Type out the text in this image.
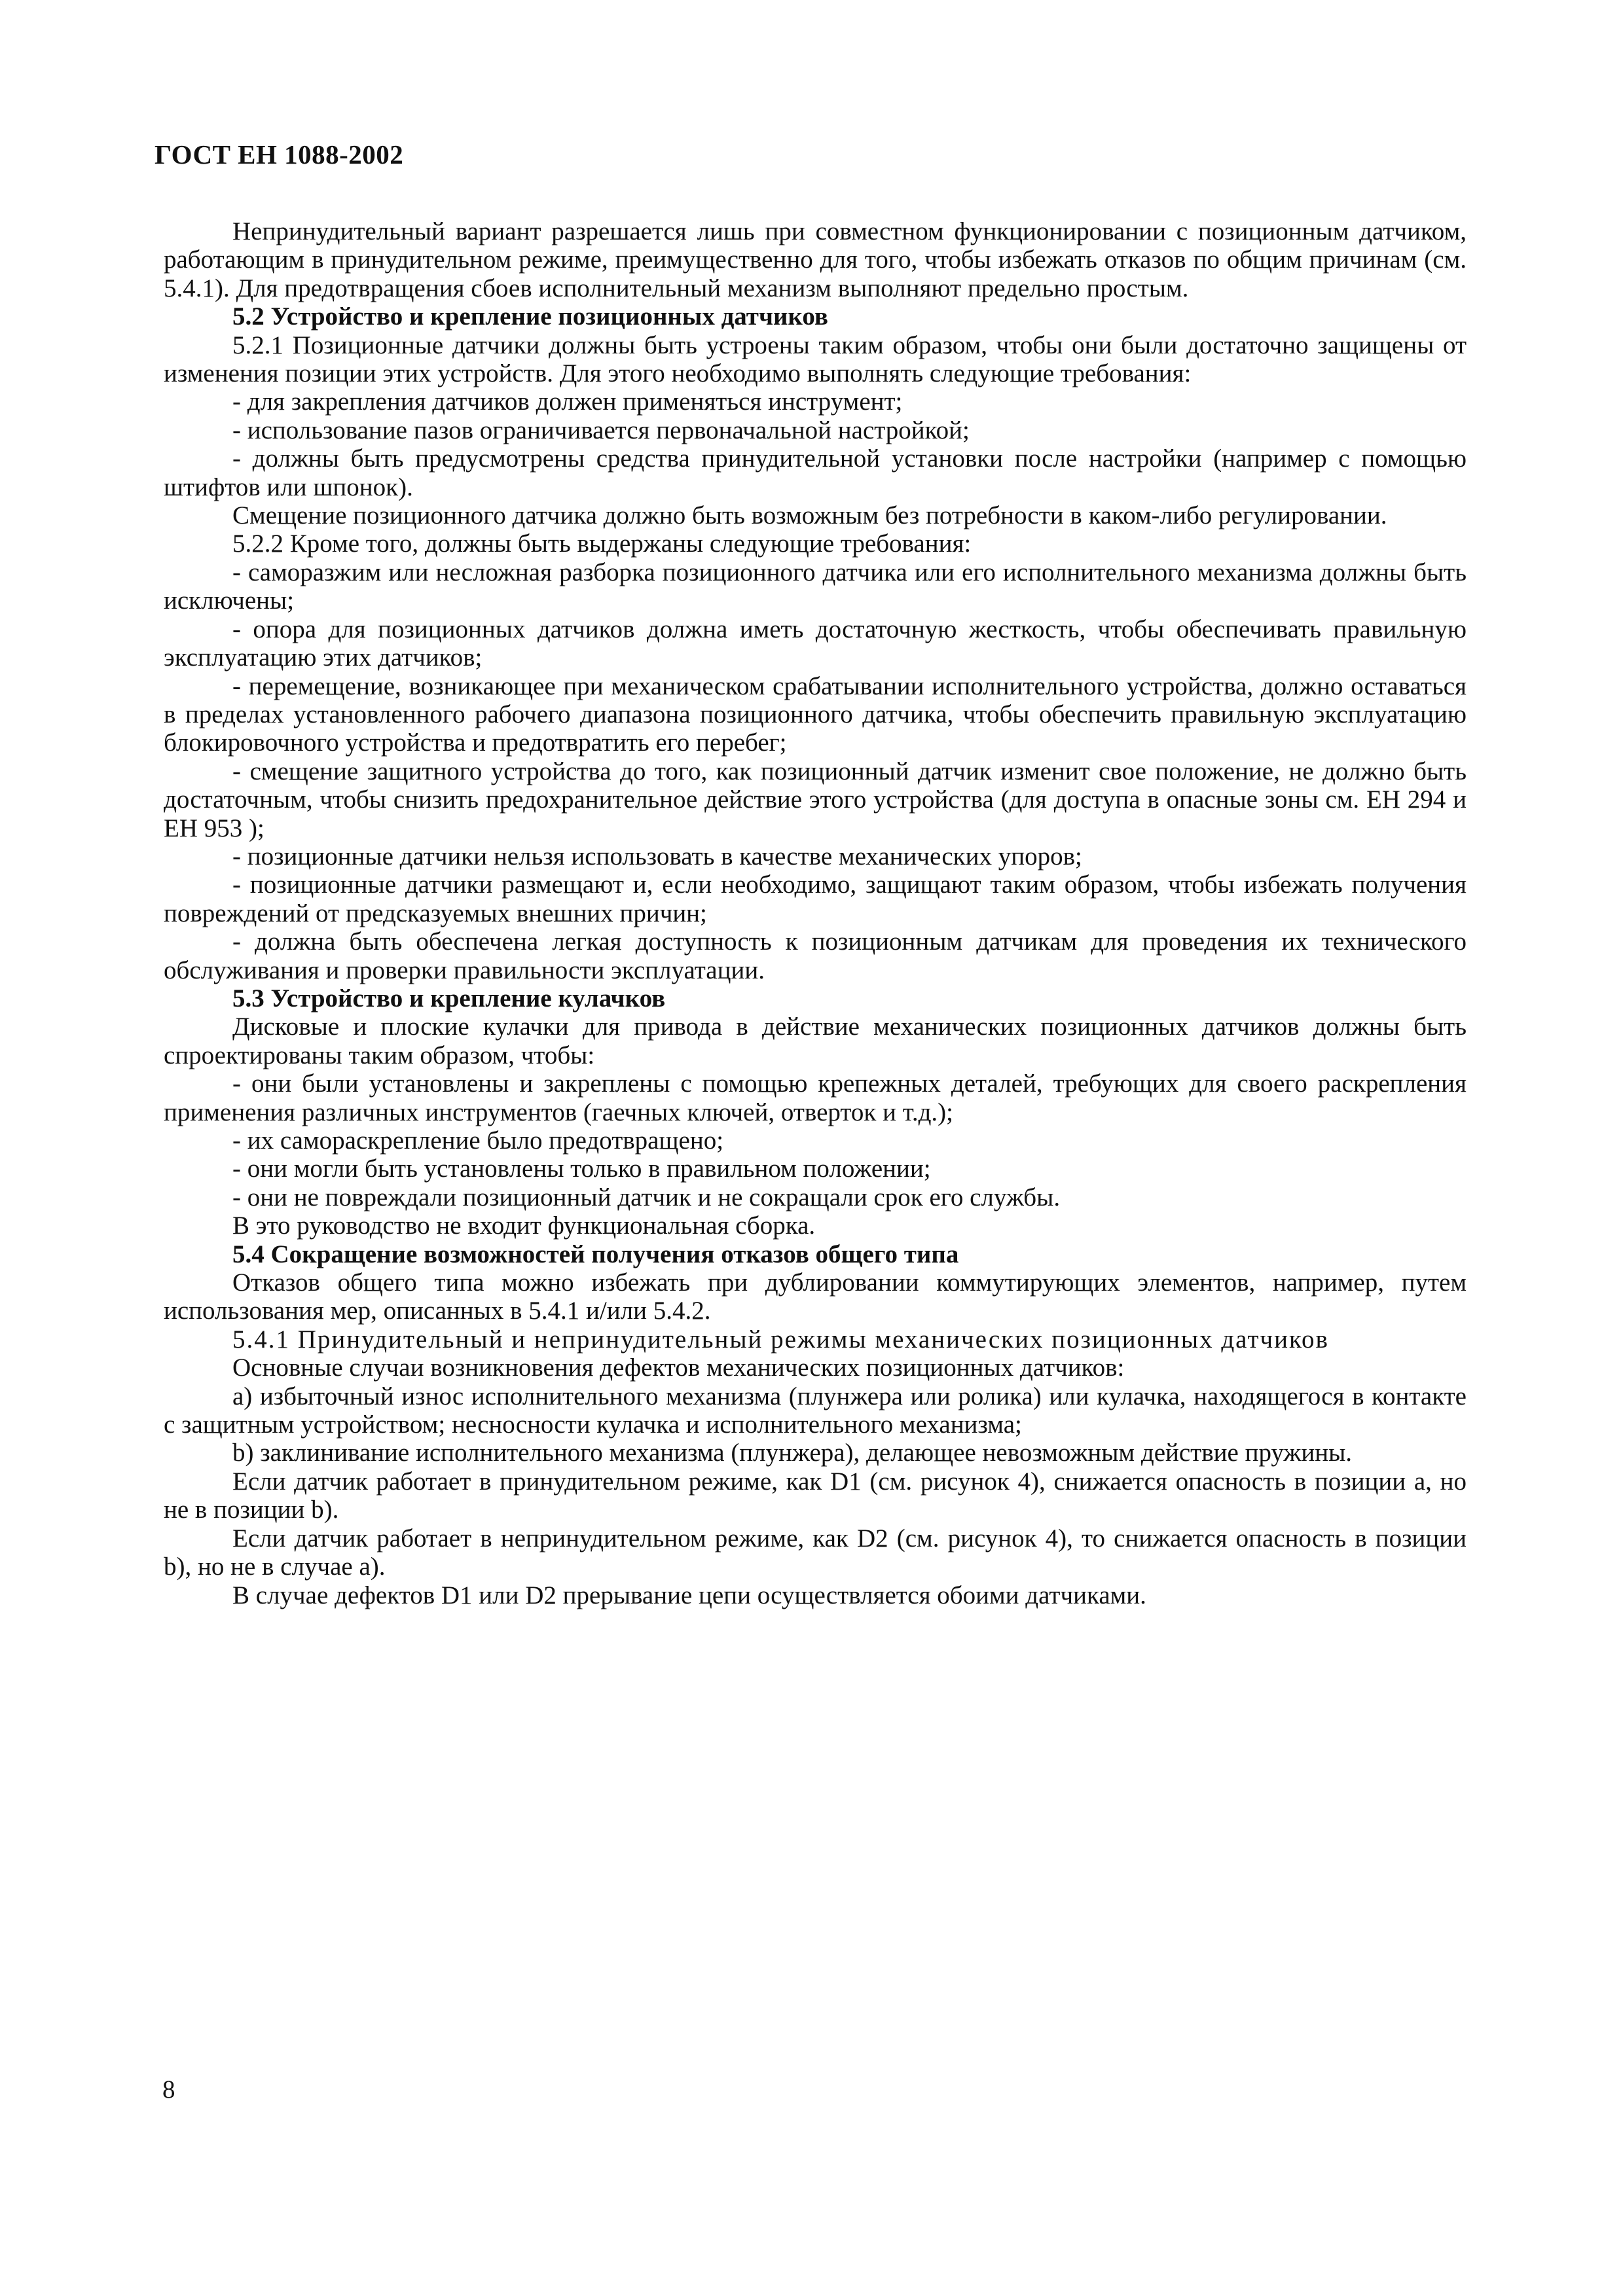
ГОСТ ЕН 1088-2002

Непринудительный вариант разрешается лишь при совместном функционировании с позиционным датчиком, работающим в принудительном режиме, преимущественно для того, чтобы избежать отказов по общим причинам (см. 5.4.1). Для предотвращения сбоев исполнительный механизм выполняют предельно простым.

5.2 Устройство и крепление позиционных датчиков

5.2.1 Позиционные датчики должны быть устроены таким образом, чтобы они были достаточно защищены от изменения позиции этих устройств. Для этого необходимо выполнять следующие требования:

- для закрепления датчиков должен применяться инструмент;

- использование пазов ограничивается первоначальной настройкой;

- должны быть предусмотрены средства принудительной установки после настройки (например с помощью штифтов или шпонок).

Смещение позиционного датчика должно быть возможным без потребности в каком-либо регулировании.

5.2.2 Кроме того, должны быть выдержаны следующие требования:

- саморазжим или несложная разборка позиционного датчика или его исполнительного механизма должны быть исключены;

- опора для позиционных датчиков должна иметь достаточную жесткость, чтобы обеспечивать правильную эксплуатацию этих датчиков;

- перемещение, возникающее при механическом срабатывании исполнительного устройства, должно оставаться в пределах установленного рабочего диапазона позиционного датчика, чтобы обеспечить правильную эксплуатацию блокировочного устройства и предотвратить его перебег;

- смещение защитного устройства до того, как позиционный датчик изменит свое положение, не должно быть достаточным, чтобы снизить предохранительное действие этого устройства (для доступа в опасные зоны см. ЕН 294 и ЕН 953 );

- позиционные датчики нельзя использовать в качестве механических упоров;

- позиционные датчики размещают и, если необходимо, защищают таким образом, чтобы избежать получения повреждений от предсказуемых внешних причин;

- должна быть обеспечена легкая доступность к позиционным датчикам для проведения их технического обслуживания и проверки правильности эксплуатации.

5.3 Устройство и крепление кулачков

Дисковые и плоские кулачки для привода в действие механических позиционных датчиков должны быть спроектированы таким образом, чтобы:

- они были установлены и закреплены с помощью крепежных деталей, требующих для своего раскрепления применения различных инструментов (гаечных ключей, отверток и т.д.);

- их самораскрепление было предотвращено;

- они могли быть установлены только в правильном положении;

- они не повреждали позиционный датчик и не сокращали срок его службы.

В это руководство не входит функциональная сборка.

5.4 Сокращение возможностей получения отказов общего типа

Отказов общего типа можно избежать при дублировании коммутирующих элементов, например, путем использования мер, описанных в 5.4.1 и/или 5.4.2.

5.4.1 Принудительный и непринудительный режимы механических позиционных датчиков

Основные случаи возникновения дефектов механических позиционных датчиков:

a) избыточный износ исполнительного механизма (плунжера или ролика) или кулачка, находящегося в контакте с защитным устройством; несносности кулачка и исполнительного механизма;

b) заклинивание исполнительного механизма (плунжера), делающее невозможным действие пружины.

Если датчик работает в принудительном режиме, как D1 (см. рисунок 4), снижается опасность в позиции a, но не в позиции b).

Если датчик работает в непринудительном режиме, как D2 (см. рисунок 4), то снижается опасность в позиции b), но не в случае a).

В случае дефектов D1 или D2 прерывание цепи осуществляется обоими датчиками.

8
